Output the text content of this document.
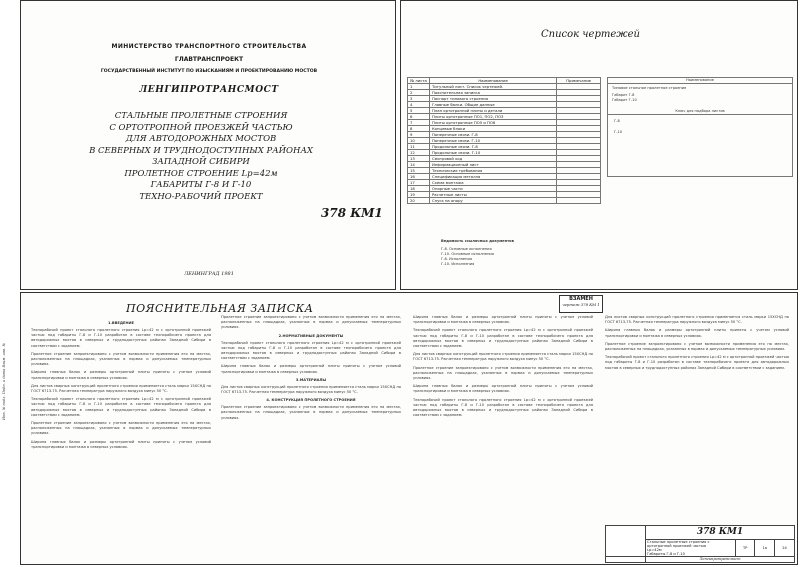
Инв. № подл. Подп. и дата Взам. инв. №
МИНИСТЕРСТВО ТРАНСПОРТНОГО СТРОИТЕЛЬСТВА
ГЛАВТРАНСПРОЕКТ
ГОСУДАРСТВЕННЫЙ ИНСТИТУТ ПО ИЗЫСКАНИЯМ И ПРОЕКТИРОВАНИЮ МОСТОВ
ЛЕНГИПРОТРАНСМОСТ
СТАЛЬНЫЕ ПРОЛЕТНЫЕ СТРОЕНИЯ
С ОРТОТРОПНОЙ ПРОЕЗЖЕЙ ЧАСТЬЮ
ДЛЯ АВТОДОРОЖНЫХ МОСТОВ
В СЕВЕРНЫХ И ТРУДНОДОСТУПНЫХ РАЙОНАХ
ЗАПАДНОЙ СИБИРИ
ПРОЛЕТНОЕ СТРОЕНИЕ Lp=42м
ГАБАРИТЫ Г-8 И Г-10
ТЕХНО-РАБОЧИЙ ПРОЕКТ
378 КМ1
ЛЕНИНГРАД 1981
Список чертежей
№ листа	Наименование	Примечание
1	Титульный лист. Список чертежей.	
2	Пояснительная записка	
3	Паспорт типового строения	
4	Главные балки. Общие данные	
5	План ортотропной плиты и детали	
6	Плиты ортотропные ПО1, ПО2, ПО3	
7	Плиты ортотропные ПО5 и ПО6	
8	Концевые блоки	
9	Поперечные связи. Г-8	
10	Поперечные связи. Г-10	
11	Продольные связи. Г-8	
12	Продольные связи. Г-10	
13	Смотровой ход	
14	Информационный лист	
15	Технические требования	
16	Спецификация металла	
17	Схема монтажа	
18	Опорные части	
19	Расчетные листы	
20	Спуск на опору	
Ведомость ссылочных документов
Г-8. Основные исполнения
Г-10. Основные исполнения
Г-8. Исполнения
Г-10. Исполнения
Наименование
Типовое стальное пролетное строение
Габарит Г-8
Габарит Г-10
Ключ для подбора листов
Г-8
Г-10
ПОЯСНИТЕЛЬНАЯ ЗАПИСКА
1.ВВЕДЕНИЕ

Технорабочий проект стального пролетного строения Lp=42 м с ортотропной проезжей частью под габариты Г-8 и Г-10 разработан в составе технорабочего проекта для автодорожных мостов в северных и труднодоступных районах Западной Сибири в соответствии с заданием.

Пролетное строение запроектировано с учетом возможности применения его на местах, расположенных на площадках, указанных в нормах и допускаемых температурных условиях.

Ширина главных балок и размеры ортотропной плиты приняты с учетом условий транспортировки и монтажа в северных условиях.

Для листов сварных конструкций пролетного строения применяется сталь марки 15ХСНД по ГОСТ 6713-75. Расчетная температура наружного воздуха минус 50 °С.

Технорабочий проект стального пролетного строения Lp=42 м с ортотропной проезжей частью под габариты Г-8 и Г-10 разработан в составе технорабочего проекта для автодорожных мостов в северных и труднодоступных районах Западной Сибири в соответствии с заданием.

Пролетное строение запроектировано с учетом возможности применения его на местах, расположенных на площадках, указанных в нормах и допускаемых температурных условиях.

Ширина главных балок и размеры ортотропной плиты приняты с учетом условий транспортировки и монтажа в северных условиях.

Пролетное строение запроектировано с учетом возможности применения его на местах, расположенных на площадках, указанных в нормах и допускаемых температурных условиях.

2.НОРМАТИВНЫЕ ДОКУМЕНТЫ

Технорабочий проект стального пролетного строения Lp=42 м с ортотропной проезжей частью под габариты Г-8 и Г-10 разработан в составе технорабочего проекта для автодорожных мостов в северных и труднодоступных районах Западной Сибири в соответствии с заданием.

Ширина главных балок и размеры ортотропной плиты приняты с учетом условий транспортировки и монтажа в северных условиях.

3.МАТЕРИАЛЫ

Для листов сварных конструкций пролетного строения применяется сталь марки 15ХСНД по ГОСТ 6713-75. Расчетная температура наружного воздуха минус 50 °С.

4. КОНСТРУКЦИЯ ПРОЛЕТНОГО СТРОЕНИЯ

Пролетное строение запроектировано с учетом возможности применения его на местах, расположенных на площадках, указанных в нормах и допускаемых температурных условиях.

Ширина главных балок и размеры ортотропной плиты приняты с учетом условий транспортировки и монтажа в северных условиях.

Технорабочий проект стального пролетного строения Lp=42 м с ортотропной проезжей частью под габариты Г-8 и Г-10 разработан в составе технорабочего проекта для автодорожных мостов в северных и труднодоступных районах Западной Сибири в соответствии с заданием.

Для листов сварных конструкций пролетного строения применяется сталь марки 15ХСНД по ГОСТ 6713-75. Расчетная температура наружного воздуха минус 50 °С.

Пролетное строение запроектировано с учетом возможности применения его на местах, расположенных на площадках, указанных в нормах и допускаемых температурных условиях.

Ширина главных балок и размеры ортотропной плиты приняты с учетом условий транспортировки и монтажа в северных условиях.

Технорабочий проект стального пролетного строения Lp=42 м с ортотропной проезжей частью под габариты Г-8 и Г-10 разработан в составе технорабочего проекта для автодорожных мостов в северных и труднодоступных районах Западной Сибири в соответствии с заданием.

Для листов сварных конструкций пролетного строения применяется сталь марки 15ХСНД по ГОСТ 6713-75. Расчетная температура наружного воздуха минус 50 °С.

Ширина главных балок и размеры ортотропной плиты приняты с учетом условий транспортировки и монтажа в северных условиях.

Пролетное строение запроектировано с учетом возможности применения его на местах, расположенных на площадках, указанных в нормах и допускаемых температурных условиях.

Технорабочий проект стального пролетного строения Lp=42 м с ортотропной проезжей частью под габариты Г-8 и Г-10 разработан в составе технорабочего проекта для автодорожных мостов в северных и труднодоступных районах Западной Сибири в соответствии с заданием.

ВЗАМЕН
чертеж 378 КМ 1
	378 КМ1			

	Стальные пролетные строения с ортотропной проезжей частью
Lp=42м
Габариты Г-8 и Г-10	ТР	1а	24
	Ленгипротрансмост			
